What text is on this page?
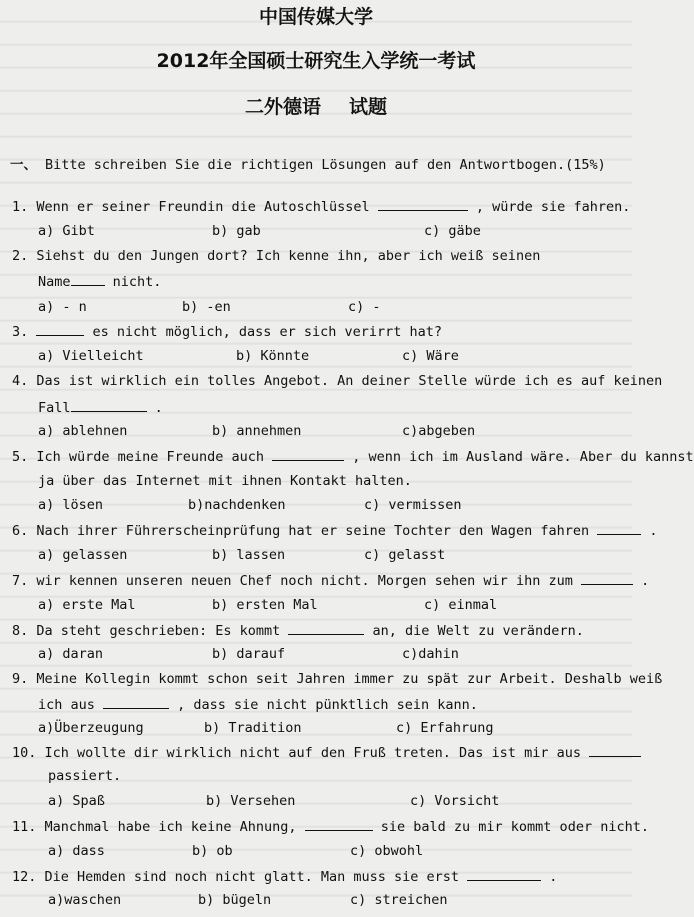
中国传媒大学
2012年全国硕士研究生入学统一考试
二外德语 试题
一、 Bitte schreiben Sie die richtigen Lösungen auf den Antwortbogen.(15%)
1. Wenn er seiner Freundin die Autoschlüssel	, würde sie fahren.
a) Gibt	b) gab	c) gäbe
2. Siehst du den Jungen dort? Ich kenne ihn, aber ich weiß seinen
Name	nicht.
a) - n	b) -en	c) -
3.	es nicht möglich, dass er sich verirrt hat?
a) Vielleicht	b) Könnte	c) Wäre
4. Das ist wirklich ein tolles Angebot. An deiner Stelle würde ich es auf keinen
Fall	.
a) ablehnen	b) annehmen	c)abgeben
5. Ich würde meine Freunde auch	, wenn ich im Ausland wäre. Aber du kannst
ja über das Internet mit ihnen Kontakt halten.
a) lösen	b)nachdenken	c) vermissen
6. Nach ihrer Führerscheinprüfung hat er seine Tochter den Wagen fahren	.
a) gelassen	b) lassen	c) gelasst
7. wir kennen unseren neuen Chef noch nicht. Morgen sehen wir ihn zum	.
a) erste Mal	b) ersten Mal	c) einmal
8. Da steht geschrieben: Es kommt	an, die Welt zu verändern.
a) daran	b) darauf	c)dahin
9. Meine Kollegin kommt schon seit Jahren immer zu spät zur Arbeit. Deshalb weiß
ich aus	, dass sie nicht pünktlich sein kann.
a)Überzeugung	b) Tradition	c) Erfahrung
10. Ich wollte dir wirklich nicht auf den Fruß treten. Das ist mir aus
passiert.
a) Spaß	b) Versehen	c) Vorsicht
11. Manchmal habe ich keine Ahnung,	sie bald zu mir kommt oder nicht.
a) dass	b) ob	c) obwohl
12. Die Hemden sind noch nicht glatt. Man muss sie erst	.
a)waschen	b) bügeln	c) streichen
